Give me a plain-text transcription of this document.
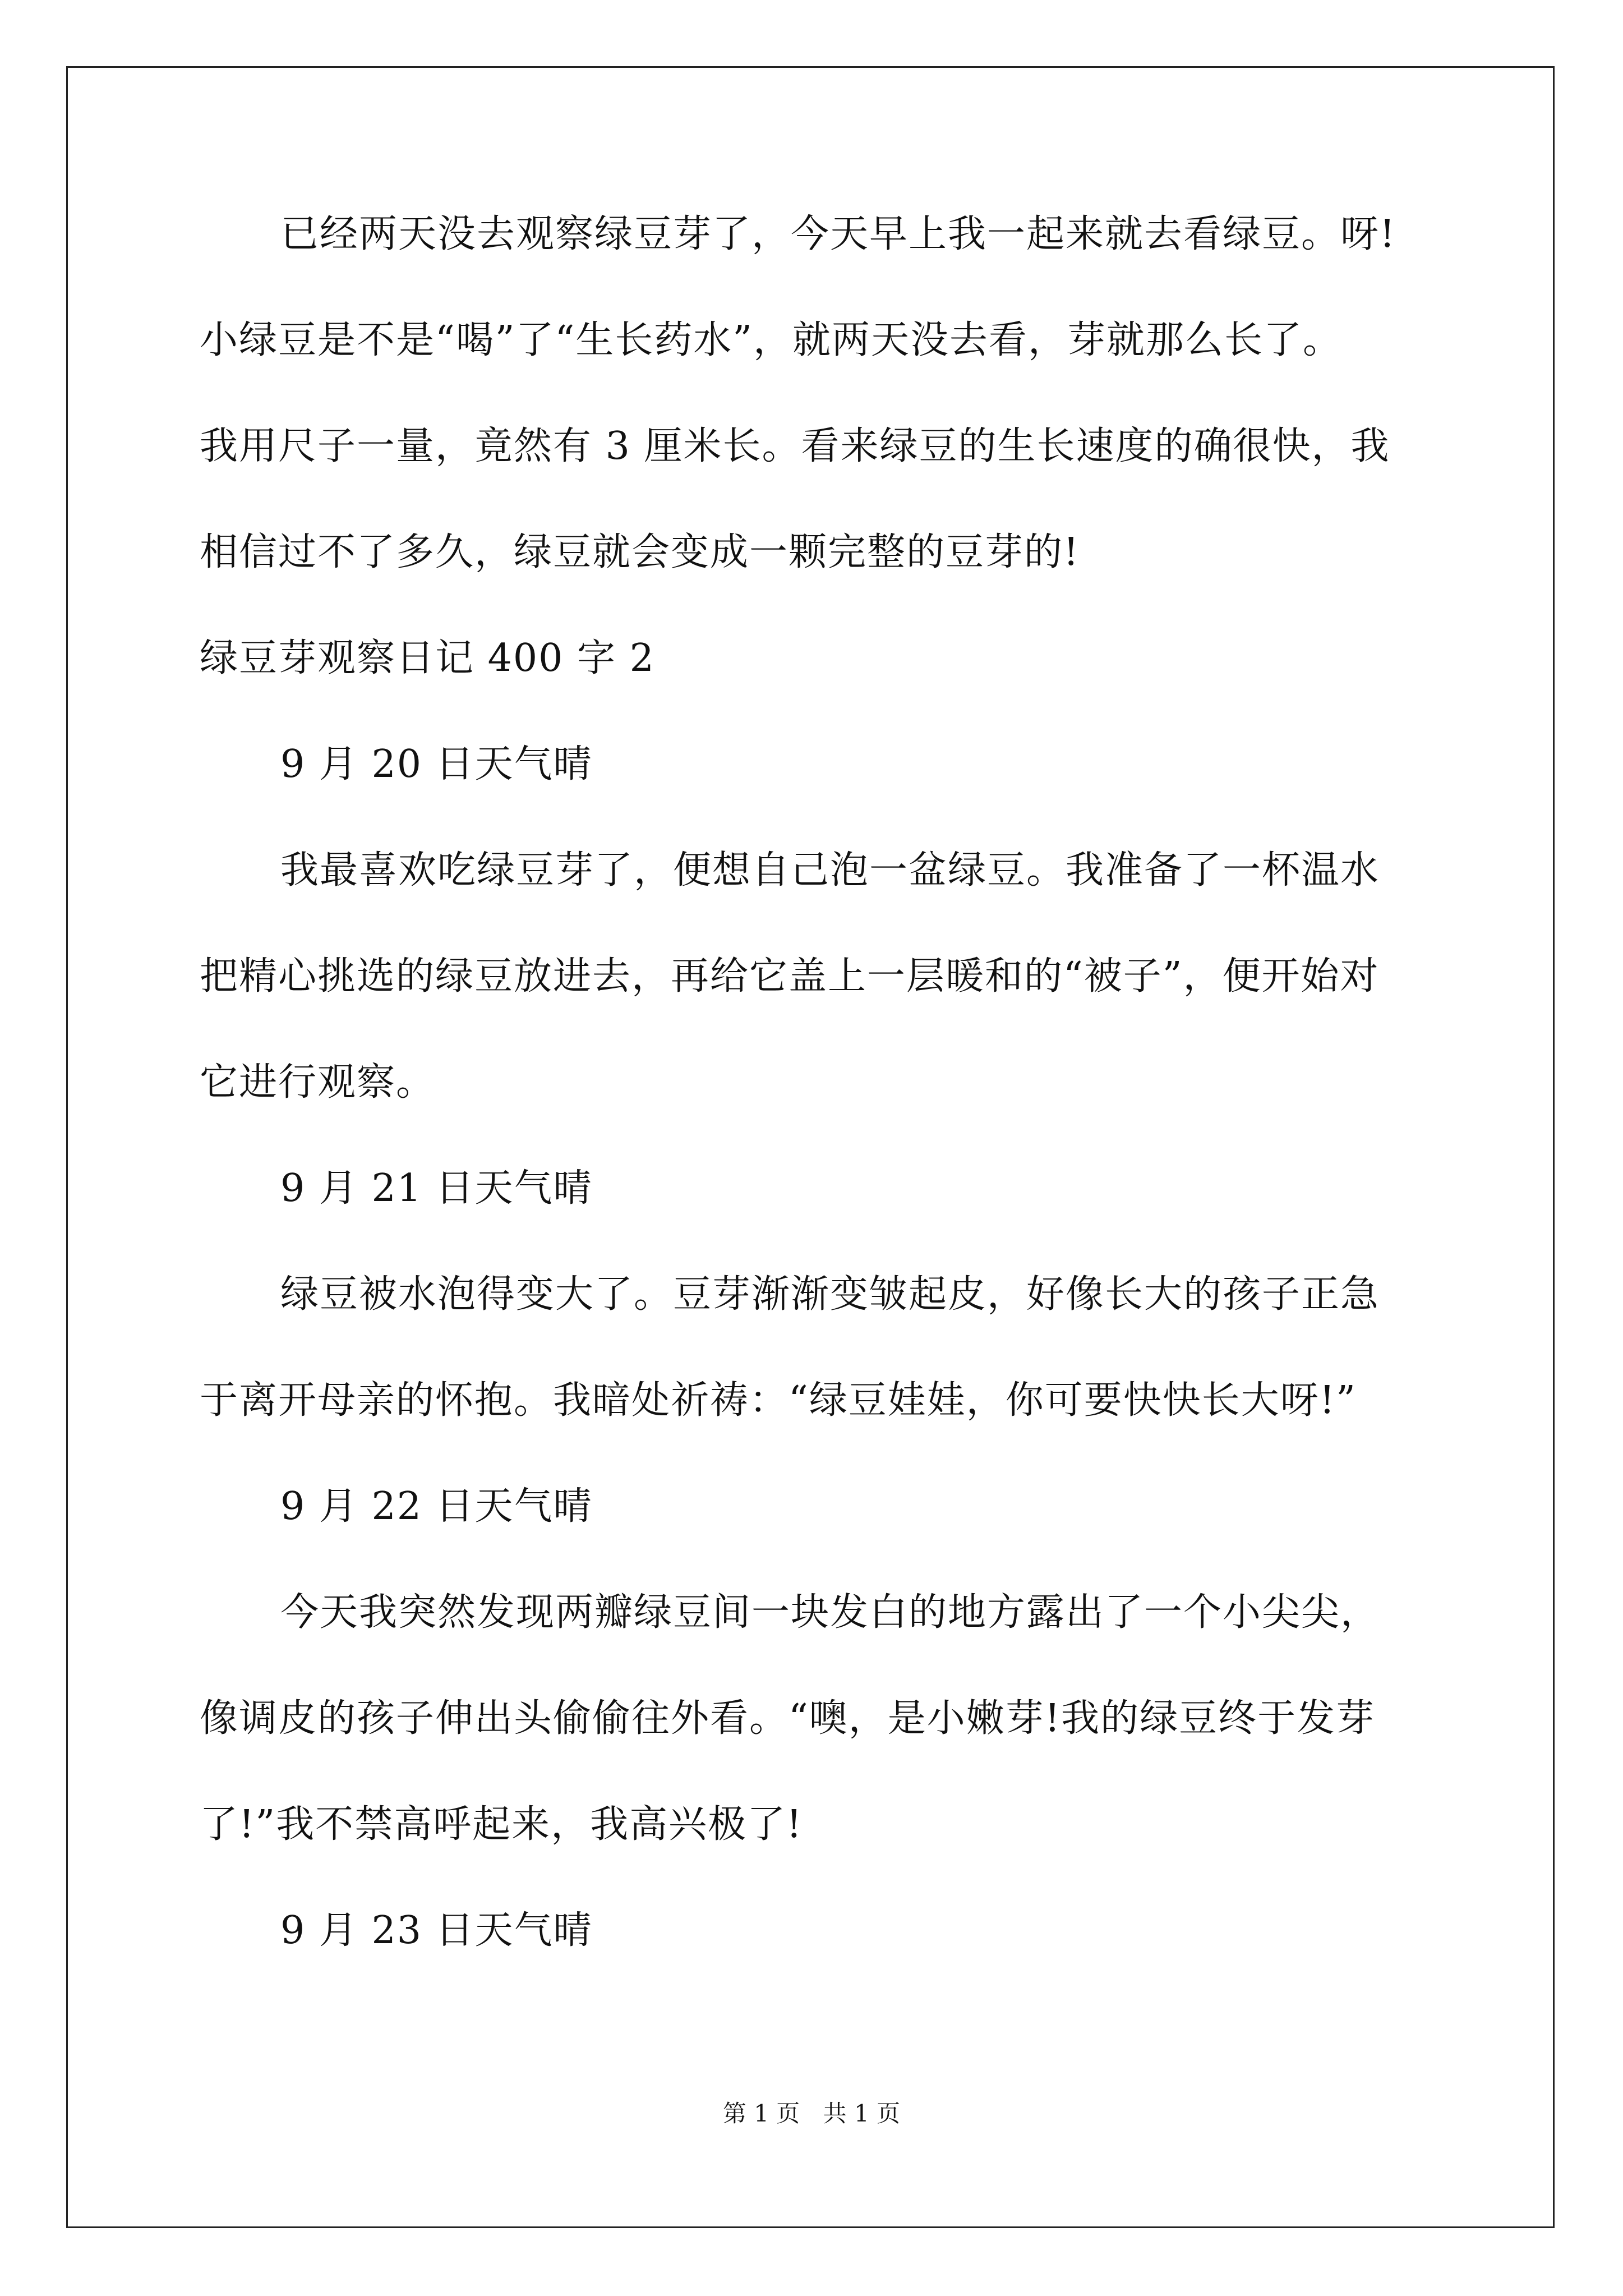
已经两天没去观察绿豆芽了，今天早上我一起来就去看绿豆。呀!
小绿豆是不是“喝”了“生长药水”，就两天没去看，芽就那么长了。
我用尺子一量，竟然有 3 厘米长。看来绿豆的生长速度的确很快，我
相信过不了多久，绿豆就会变成一颗完整的豆芽的!
绿豆芽观察日记 400 字 2
9 月 20 日天气晴
我最喜欢吃绿豆芽了，便想自己泡一盆绿豆。我准备了一杯温水
把精心挑选的绿豆放进去，再给它盖上一层暖和的“被子”，便开始对
它进行观察。
9 月 21 日天气晴
绿豆被水泡得变大了。豆芽渐渐变皱起皮，好像长大的孩子正急
于离开母亲的怀抱。我暗处祈祷：“绿豆娃娃，你可要快快长大呀!”
9 月 22 日天气晴
今天我突然发现两瓣绿豆间一块发白的地方露出了一个小尖尖，
像调皮的孩子伸出头偷偷往外看。“噢，是小嫩芽!我的绿豆终于发芽
了!”我不禁高呼起来，我高兴极了!
9 月 23 日天气晴
第 1 页 共 1 页
